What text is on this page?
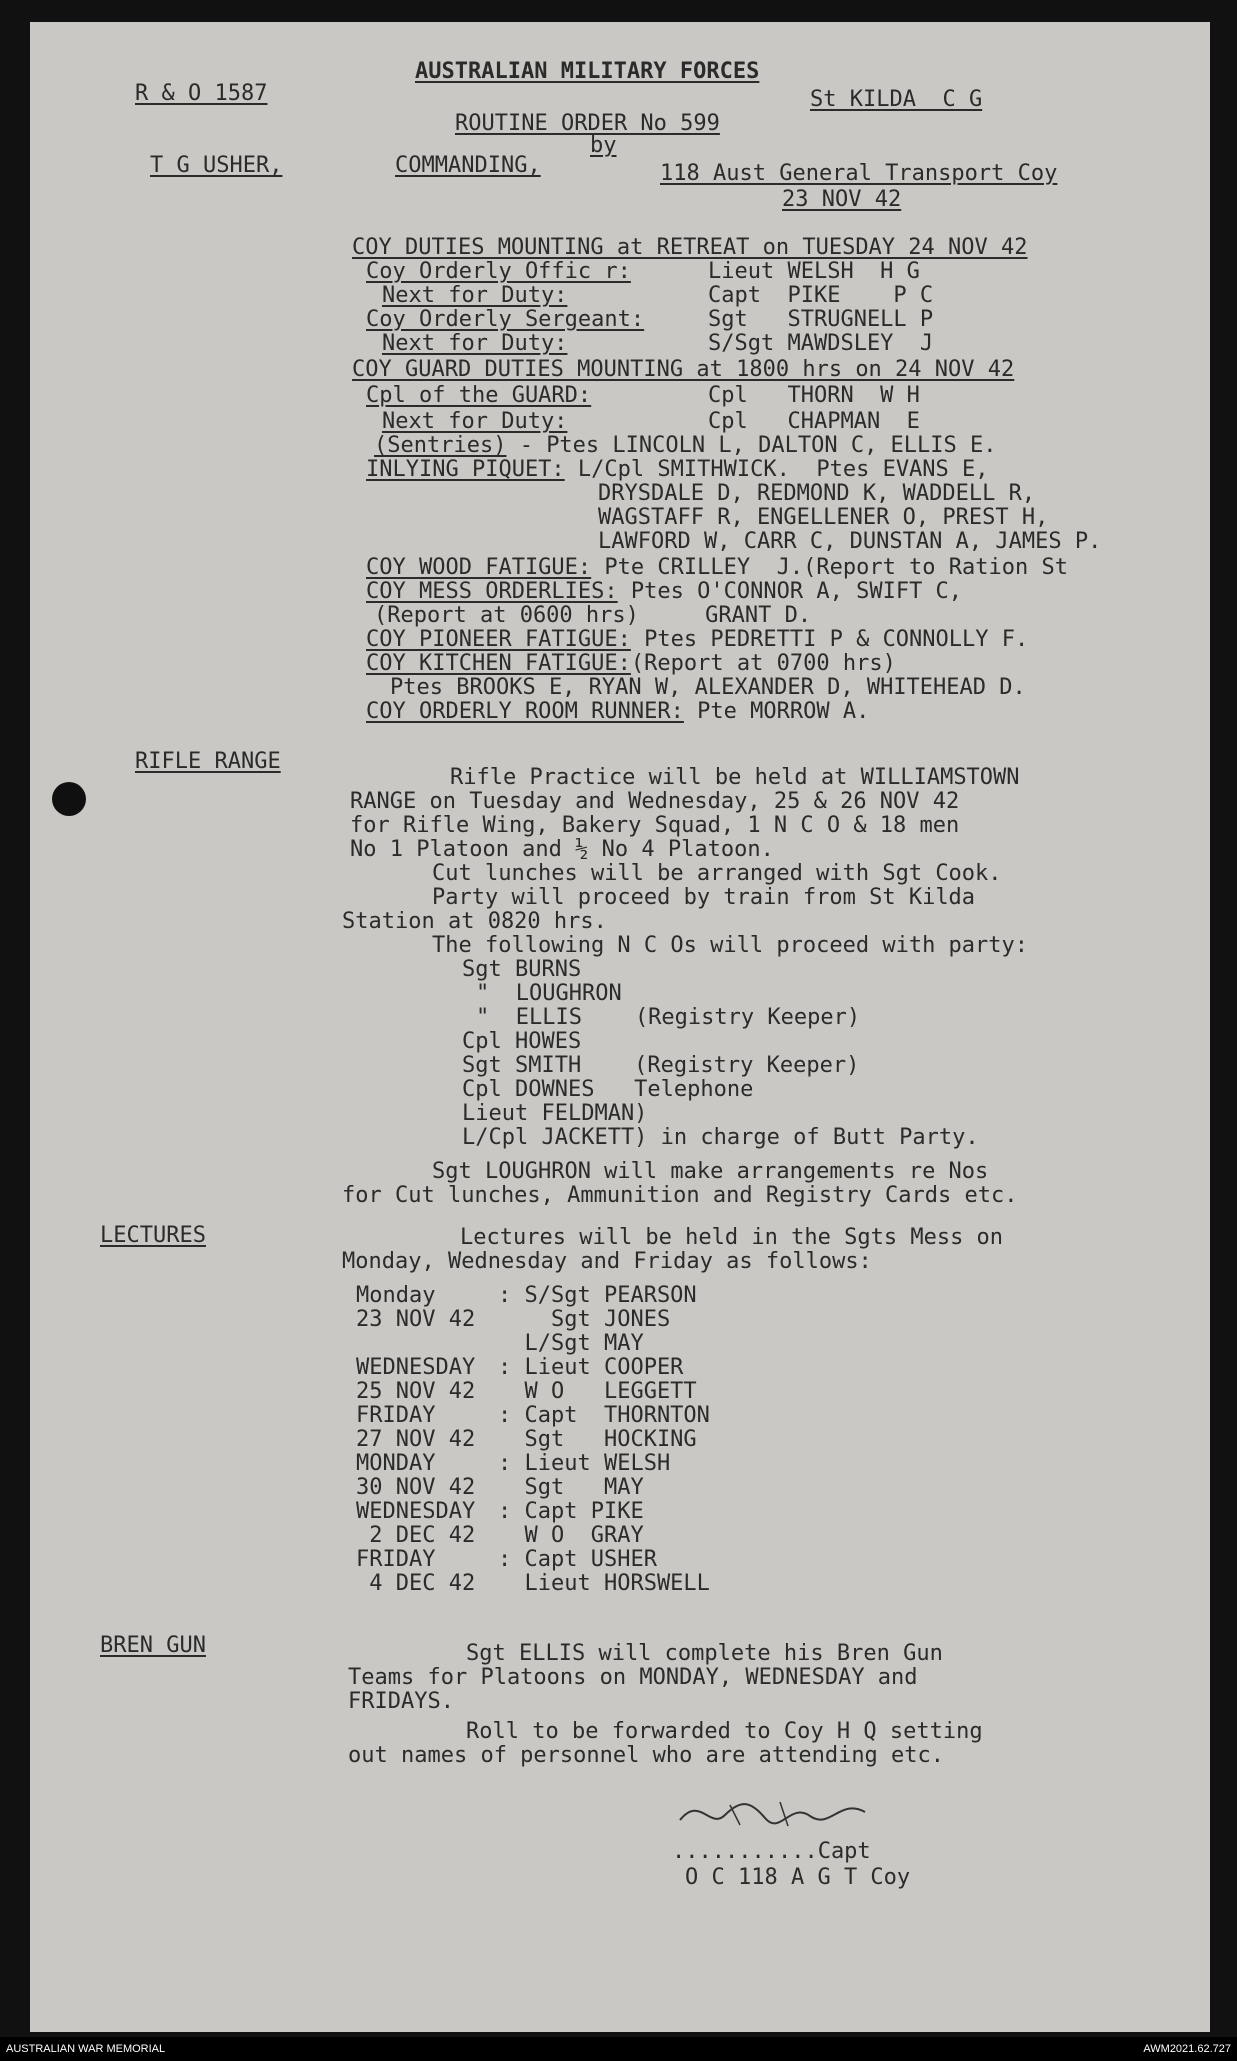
AUSTRALIAN MILITARY FORCES
R & O 1587	St KILDA  C G
ROUTINE ORDER No 599
by
T G USHER,	COMMANDING,	118 Aust General Transport Coy
23 NOV 42
COY DUTIES MOUNTING at RETREAT on TUESDAY 24 NOV 42
Coy Orderly Offic r:	Lieut WELSH  H G
Next for Duty:	Capt  PIKE    P C
Coy Orderly Sergeant:	Sgt   STRUGNELL P
Next for Duty:	S/Sgt MAWDSLEY  J
COY GUARD DUTIES MOUNTING at 1800 hrs on 24 NOV 42
Cpl of the GUARD:	Cpl   THORN  W H
Next for Duty:	Cpl   CHAPMAN  E
(Sentries) - Ptes LINCOLN L, DALTON C, ELLIS E.
INLYING PIQUET: L/Cpl SMITHWICK.  Ptes EVANS E,
DRYSDALE D, REDMOND K, WADDELL R,
WAGSTAFF R, ENGELLENER O, PREST H,
LAWFORD W, CARR C, DUNSTAN A, JAMES P.
COY WOOD FATIGUE: Pte CRILLEY  J.(Report to Ration St
COY MESS ORDERLIES: Ptes O'CONNOR A, SWIFT C,
(Report at 0600 hrs)     GRANT D.
COY PIONEER FATIGUE: Ptes PEDRETTI P & CONNOLLY F.
COY KITCHEN FATIGUE:(Report at 0700 hrs)
Ptes BROOKS E, RYAN W, ALEXANDER D, WHITEHEAD D.
COY ORDERLY ROOM RUNNER: Pte MORROW A.
RIFLE RANGE
Rifle Practice will be held at WILLIAMSTOWN
RANGE on Tuesday and Wednesday, 25 & 26 NOV 42
for Rifle Wing, Bakery Squad, 1 N C O & 18 men
No 1 Platoon and ½ No 4 Platoon.
Cut lunches will be arranged with Sgt Cook.
Party will proceed by train from St Kilda
Station at 0820 hrs.
The following N C Os will proceed with party:
Sgt BURNS
"  LOUGHRON
"  ELLIS    (Registry Keeper)
Cpl HOWES
Sgt SMITH    (Registry Keeper)
Cpl DOWNES   Telephone
Lieut FELDMAN)
L/Cpl JACKETT) in charge of Butt Party.
Sgt LOUGHRON will make arrangements re Nos
for Cut lunches, Ammunition and Registry Cards etc.
LECTURES	Lectures will be held in the Sgts Mess on
Monday, Wednesday and Friday as follows:
Monday	: S/Sgt PEARSON
23 NOV 42 Sgt JONES
L/Sgt MAY
WEDNESDAY : Lieut COOPER
25 NOV 42 W O   LEGGETT
FRIDAY	: Capt  THORNTON
27 NOV 42 Sgt   HOCKING
MONDAY	: Lieut WELSH
30 NOV 42 Sgt   MAY
WEDNESDAY : Capt PIKE
2 DEC 42 W O  GRAY
FRIDAY	: Capt USHER
4 DEC 42 Lieut HORSWELL
BREN GUN	Sgt ELLIS will complete his Bren Gun
Teams for Platoons on MONDAY, WEDNESDAY and
FRIDAYS.
Roll to be forwarded to Coy H Q setting
out names of personnel who are attending etc.
...........Capt
O C 118 A G T Coy
AUSTRALIAN WAR MEMORIAL	AWM2021.62.727
